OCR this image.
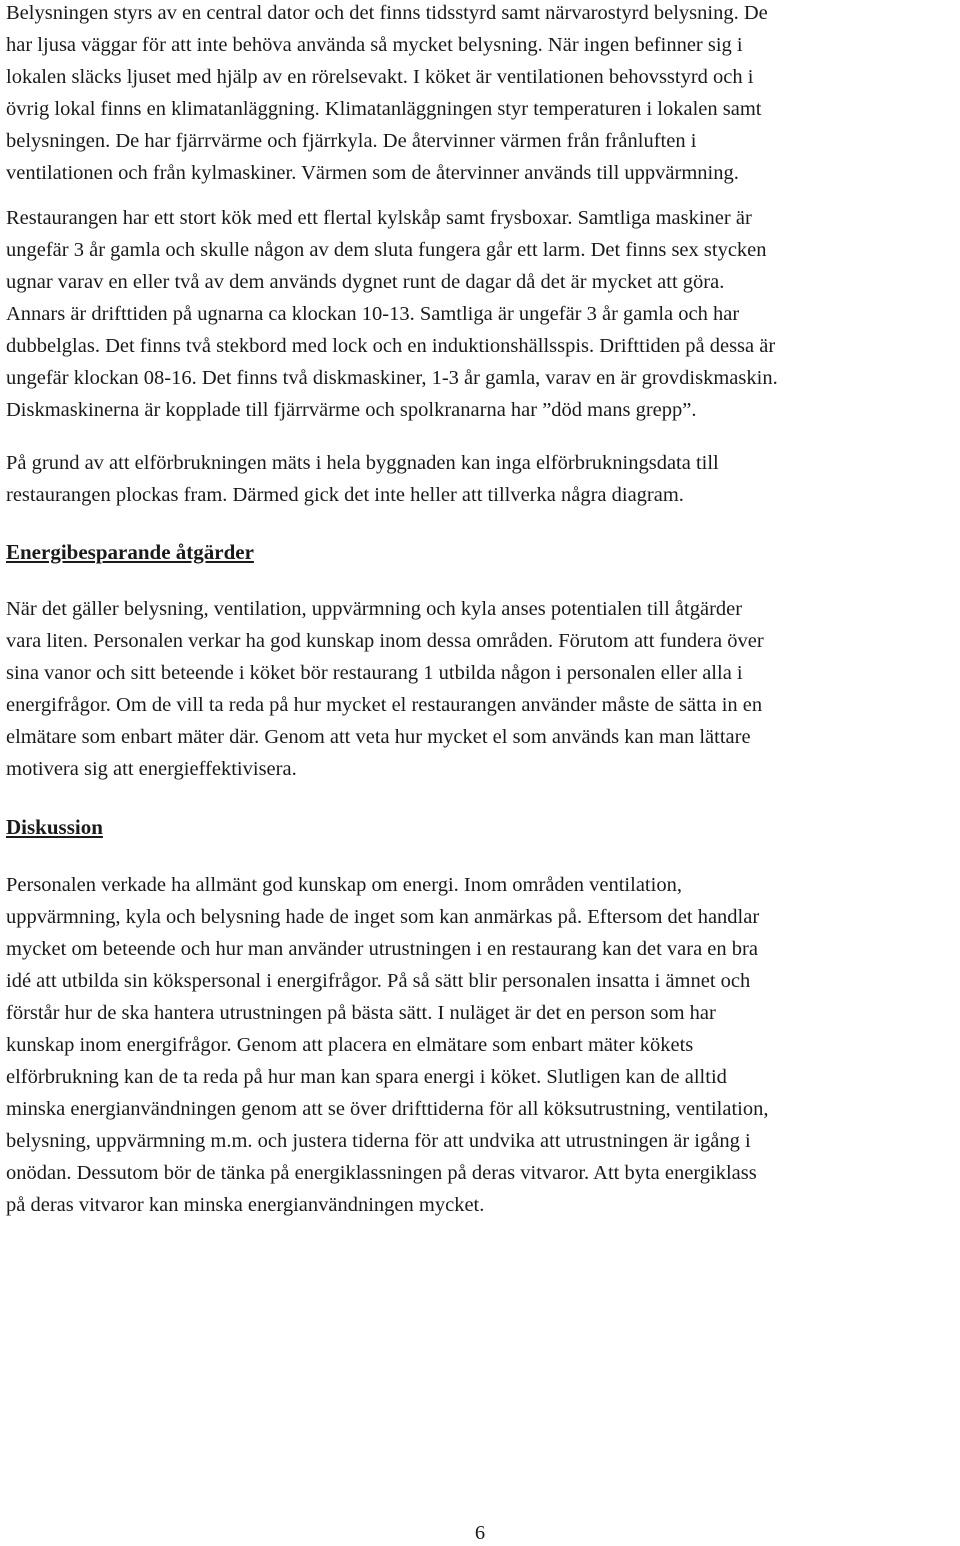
Belysningen styrs av en central dator och det finns tidsstyrd samt närvarostyrd belysning. De
har ljusa väggar för att inte behöva använda så mycket belysning. När ingen befinner sig i
lokalen släcks ljuset med hjälp av en rörelsevakt. I köket är ventilationen behovsstyrd och i
övrig lokal finns en klimatanläggning. Klimatanläggningen styr temperaturen i lokalen samt
belysningen. De har fjärrvärme och fjärrkyla. De återvinner värmen från frånluften i
ventilationen och från kylmaskiner. Värmen som de återvinner används till uppvärmning.

Restaurangen har ett stort kök med ett flertal kylskåp samt frysboxar. Samtliga maskiner är
ungefär 3 år gamla och skulle någon av dem sluta fungera går ett larm. Det finns sex stycken
ugnar varav en eller två av dem används dygnet runt de dagar då det är mycket att göra.
Annars är drifttiden på ugnarna ca klockan 10-13. Samtliga är ungefär 3 år gamla och har
dubbelglas. Det finns två stekbord med lock och en induktionshällsspis. Drifttiden på dessa är
ungefär klockan 08-16. Det finns två diskmaskiner, 1-3 år gamla, varav en är grovdiskmaskin.
Diskmaskinerna är kopplade till fjärrvärme och spolkranarna har ”död mans grepp”.

På grund av att elförbrukningen mäts i hela byggnaden kan inga elförbrukningsdata till
restaurangen plockas fram. Därmed gick det inte heller att tillverka några diagram.

Energibesparande åtgärder

När det gäller belysning, ventilation, uppvärmning och kyla anses potentialen till åtgärder
vara liten. Personalen verkar ha god kunskap inom dessa områden. Förutom att fundera över
sina vanor och sitt beteende i köket bör restaurang 1 utbilda någon i personalen eller alla i
energifrågor. Om de vill ta reda på hur mycket el restaurangen använder måste de sätta in en
elmätare som enbart mäter där. Genom att veta hur mycket el som används kan man lättare
motivera sig att energieffektivisera.

Diskussion

Personalen verkade ha allmänt god kunskap om energi. Inom områden ventilation,
uppvärmning, kyla och belysning hade de inget som kan anmärkas på. Eftersom det handlar
mycket om beteende och hur man använder utrustningen i en restaurang kan det vara en bra
idé att utbilda sin kökspersonal i energifrågor. På så sätt blir personalen insatta i ämnet och
förstår hur de ska hantera utrustningen på bästa sätt. I nuläget är det en person som har
kunskap inom energifrågor. Genom att placera en elmätare som enbart mäter kökets
elförbrukning kan de ta reda på hur man kan spara energi i köket. Slutligen kan de alltid
minska energianvändningen genom att se över drifttiderna för all köksutrustning, ventilation,
belysning, uppvärmning m.m. och justera tiderna för att undvika att utrustningen är igång i
onödan. Dessutom bör de tänka på energiklassningen på deras vitvaror. Att byta energiklass
på deras vitvaror kan minska energianvändningen mycket.

6
